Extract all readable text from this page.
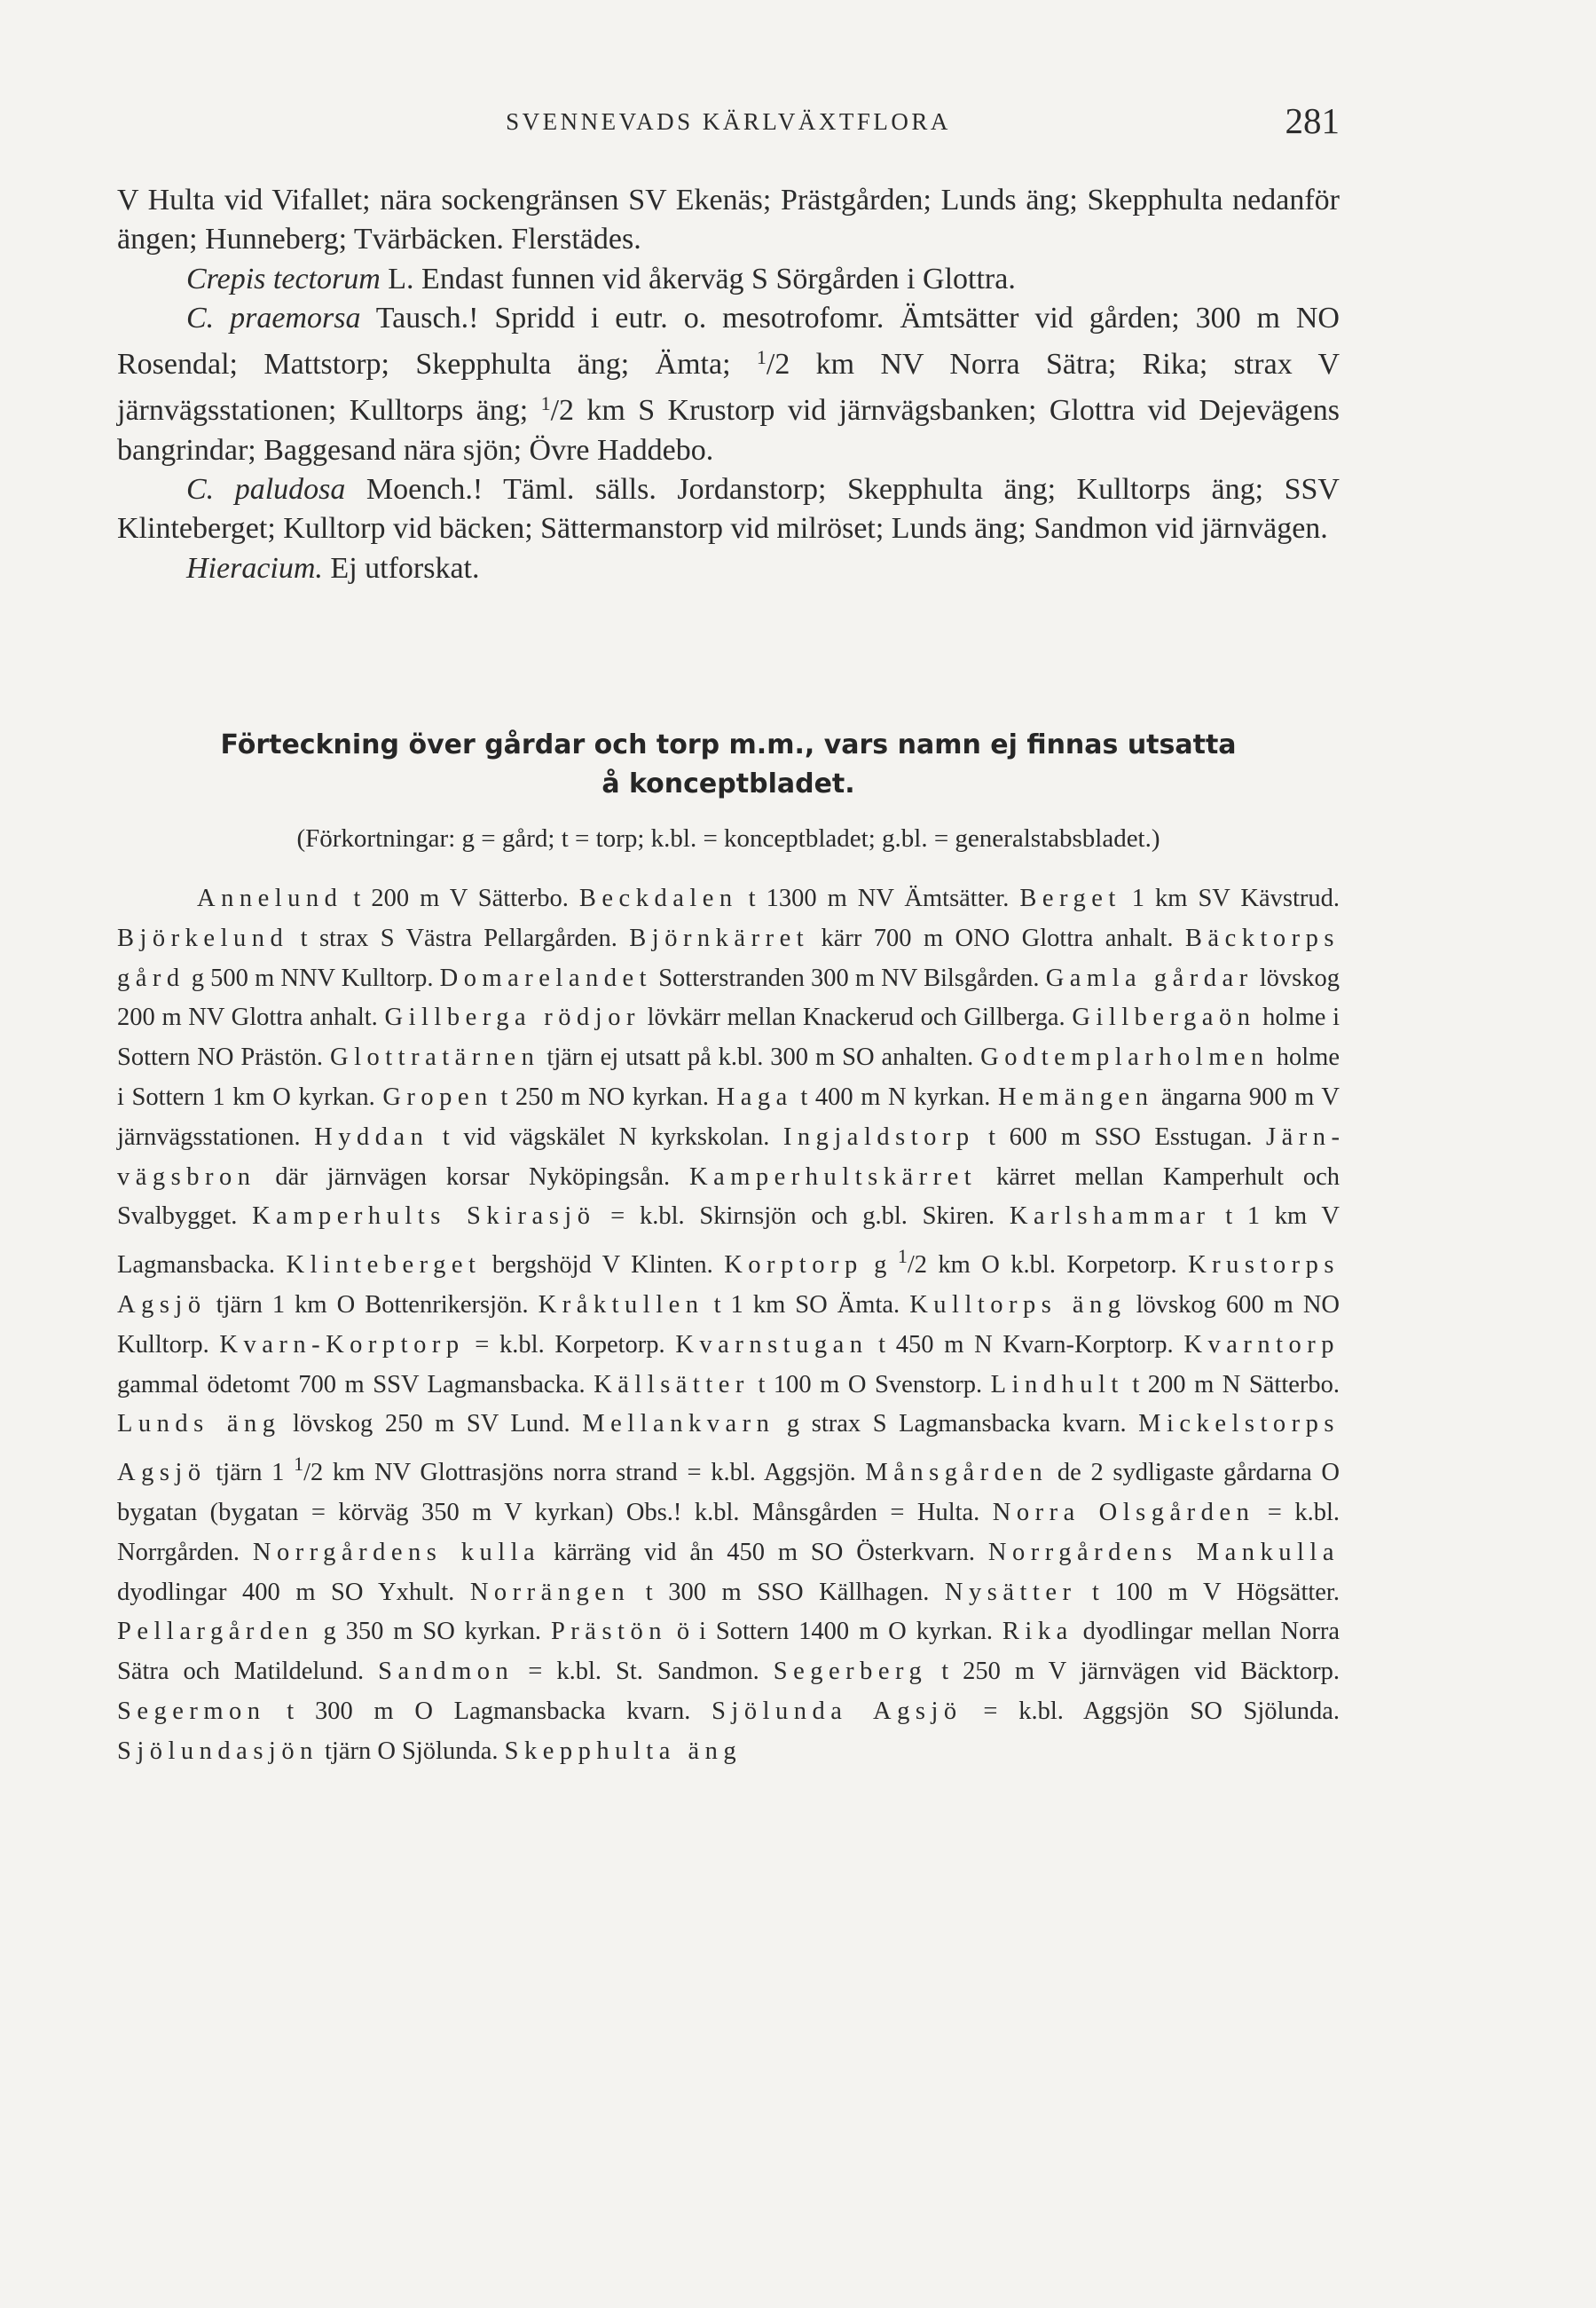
SVENNEVADS KÄRLVÄXTFLORA	281

V Hulta vid Vifallet; nära sockengränsen SV Ekenäs; Prästgården; Lunds äng; Skepphulta nedanför ängen; Hunneberg; Tvärbäcken. Flerstädes.

Crepis tectorum L. Endast funnen vid åkerväg S Sörgården i Glottra.

C. praemorsa Tausch.! Spridd i eutr. o. mesotrofomr. Ämtsätter vid gården; 300 m NO Rosendal; Mattstorp; Skepphulta äng; Ämta; $^1$/2 km NV Norra Sätra; Rika; strax V järnvägsstationen; Kulltorps äng; $^1$/2 km S Krustorp vid järnvägsbanken; Glottra vid Dejevägens bangrindar; Baggesand nära sjön; Övre Haddebo.

C. paludosa Moench.! Täml. sälls. Jordanstorp; Skepphulta äng; Kulltorps äng; SSV Klinteberget; Kulltorp vid bäcken; Sättermanstorp vid milröset; Lunds äng; Sandmon vid järnvägen.

Hieracium. Ej utforskat.

Förteckning över gårdar och torp m.m., vars namn ej finnas utsatta
å konceptbladet.
(Förkortningar: g = gård; t = torp; k.bl. = konceptbladet; g.bl. = generalstabsbladet.)
Annelund t 200 m V Sätterbo. Beckdalen t 1300 m NV Ämtsätter. Berget 1 km SV Kävstrud. Björkelund t strax S Västra Pellargården. Björnkärret kärr 700 m ONO Glottra anhalt. Bäcktorps gård g 500 m NNV Kulltorp. Domarelandet Sotterstranden 300 m NV Bilsgården. Gamla gårdar lövskog 200 m NV Glottra anhalt. Gillberga rödjor lövkärr mellan Knackerud och Gillberga. Gillbergaön holme i Sottern NO Prästön. Glottratärnen tjärn ej utsatt på k.bl. 300 m SO anhalten. Godtemplarholmen holme i Sottern 1 km O kyrkan. Gropen t 250 m NO kyrkan. Haga t 400 m N kyrkan. Hemängen ängarna 900 m V järnvägsstationen. Hyddan t vid vägskälet N kyrkskolan. Ingjaldstorp t 600 m SSO Esstugan. Järnvägsbron där järnvägen korsar Nyköpingsån. Kamperhultskärret kärret mellan Kamperhult och Svalbygget. Kamperhults Skirasjö = k.bl. Skirnsjön och g.bl. Skiren. Karlshammar t 1 km V Lagmansbacka. Klinteberget bergshöjd V Klinten. Korptorp g $^1$/2 km O k.bl. Korpetorp. Krustorps Agsjö tjärn 1 km O Bottenrikersjön. Kråktullen t 1 km SO Ämta. Kulltorps äng lövskog 600 m NO Kulltorp. Kvarn-Korptorp = k.bl. Korpetorp. Kvarnstugan t 450 m N Kvarn-Korptorp. Kvarntorp gammal ödetomt 700 m SSV Lagmansbacka. Källsätter t 100 m O Svenstorp. Lindhult t 200 m N Sätterbo. Lunds äng lövskog 250 m SV Lund. Mellankvarn g strax S Lagmansbacka kvarn. Mickelstorps Agsjö tjärn 1 $^1$/2 km NV Glottrasjöns norra strand = k.bl. Aggsjön. Månsgården de 2 sydligaste gårdarna O bygatan (bygatan = körväg 350 m V kyrkan) Obs.! k.bl. Månsgården = Hulta. Norra Olsgården = k.bl. Norrgården. Norrgårdens kulla kärräng vid ån 450 m SO Österkvarn. Norrgårdens Mankulla dyodlingar 400 m SO Yxhult. Norrängen t 300 m SSO Källhagen. Nysätter t 100 m V Högsätter. Pellargården g 350 m SO kyrkan. Prästön ö i Sottern 1400 m O kyrkan. Rika dyodlingar mellan Norra Sätra och Matildelund. Sandmon = k.bl. St. Sandmon. Segerberg t 250 m V järnvägen vid Bäcktorp. Segermon t 300 m O Lagmansbacka kvarn. Sjölunda Agsjö = k.bl. Aggsjön SO Sjölunda. Sjölundasjön tjärn O Sjölunda. Skepphulta äng
